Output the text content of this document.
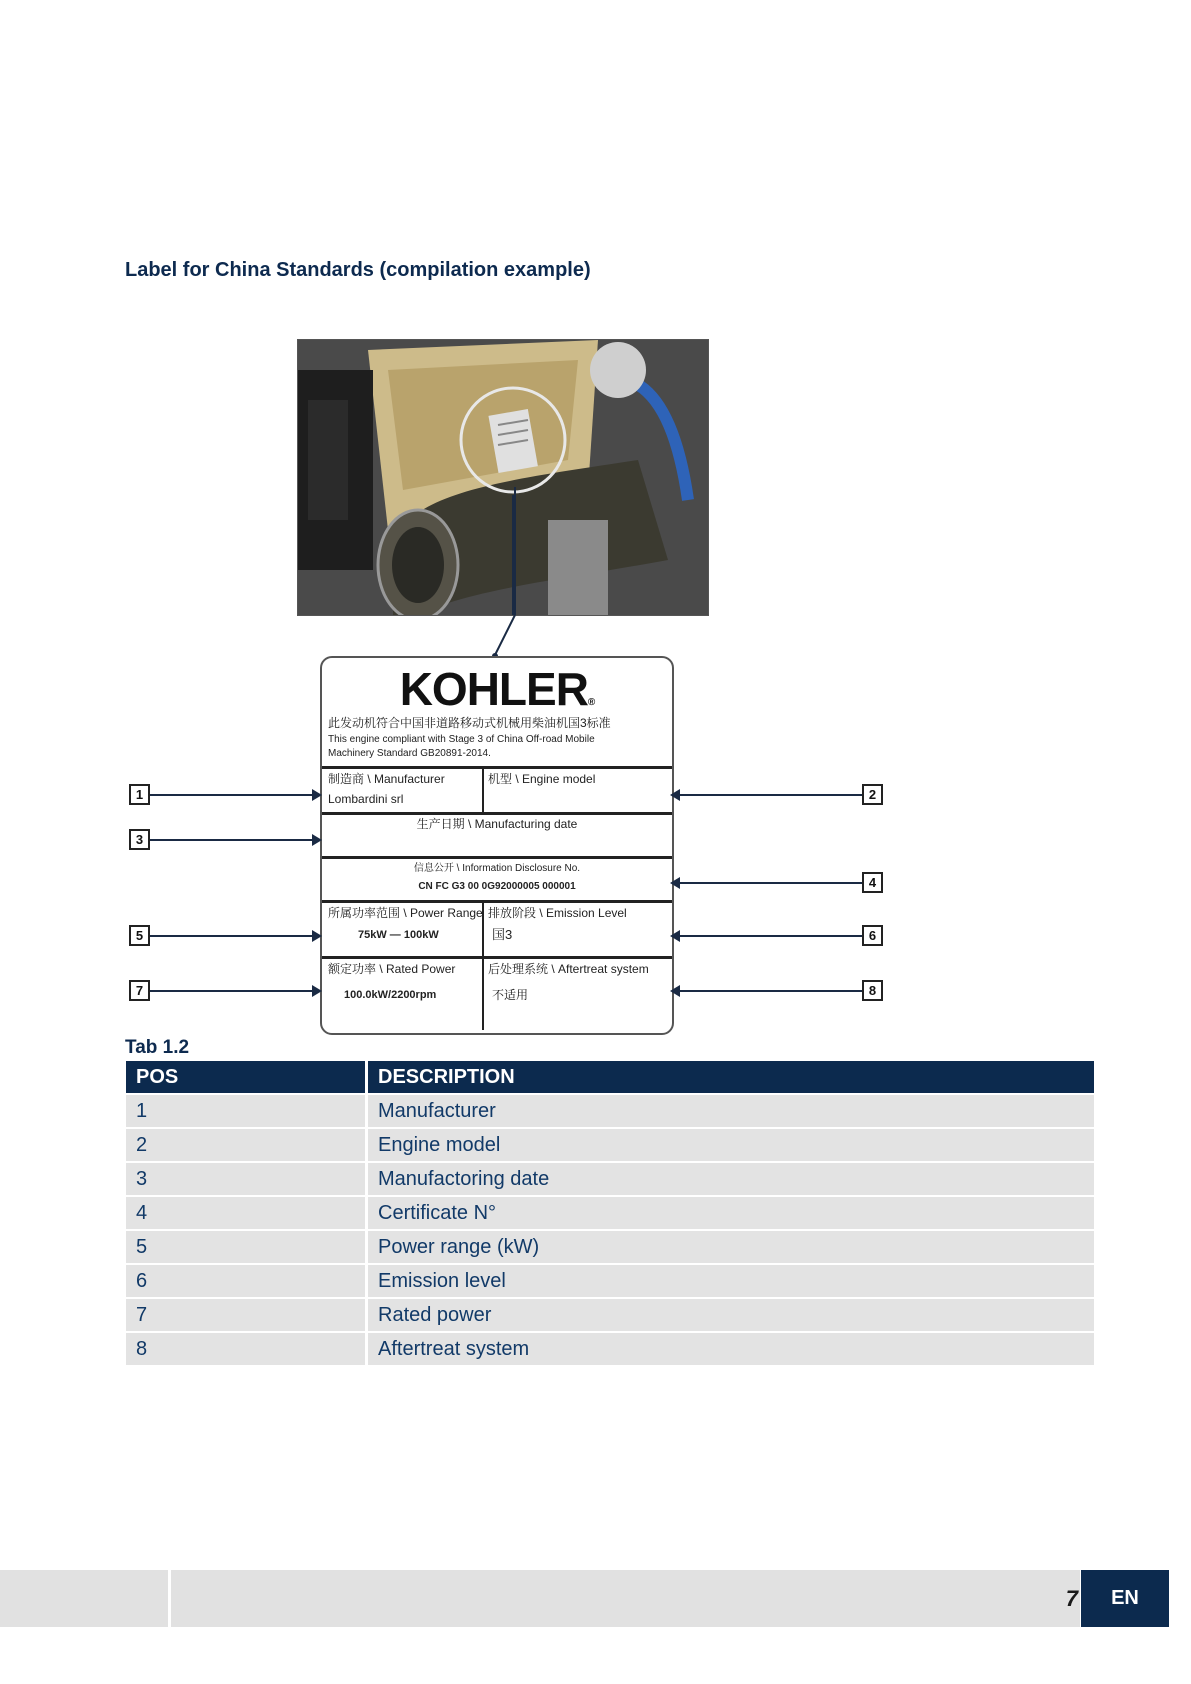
Label for China Standards (compilation example)
KOHLER®
此发动机符合中国非道路移动式机械用柴油机国3标准
This engine compliant with Stage 3 of China Off-road Mobile
Machinery Standard GB20891-2014.
制造商 \ Manufacturer
Lombardini srl
机型 \ Engine model
生产日期 \ Manufacturing date
信息公开 \ Information Disclosure No.
CN FC G3 00 0G92000005 000001
所属功率范围 \ Power Range
75kW — 100kW
排放阶段 \ Emission Level
国3
额定功率 \ Rated Power
100.0kW/2200rpm
后处理系统 \ Aftertreat system
不适用
1
3
5
7
2
4
6
8
Tab 1.2
POS	DESCRIPTION
1	Manufacturer
2	Engine model
3	Manufactoring date
4	Certificate N°
5	Power range (kW)
6	Emission level
7	Rated power
8	Aftertreat system
7	EN
